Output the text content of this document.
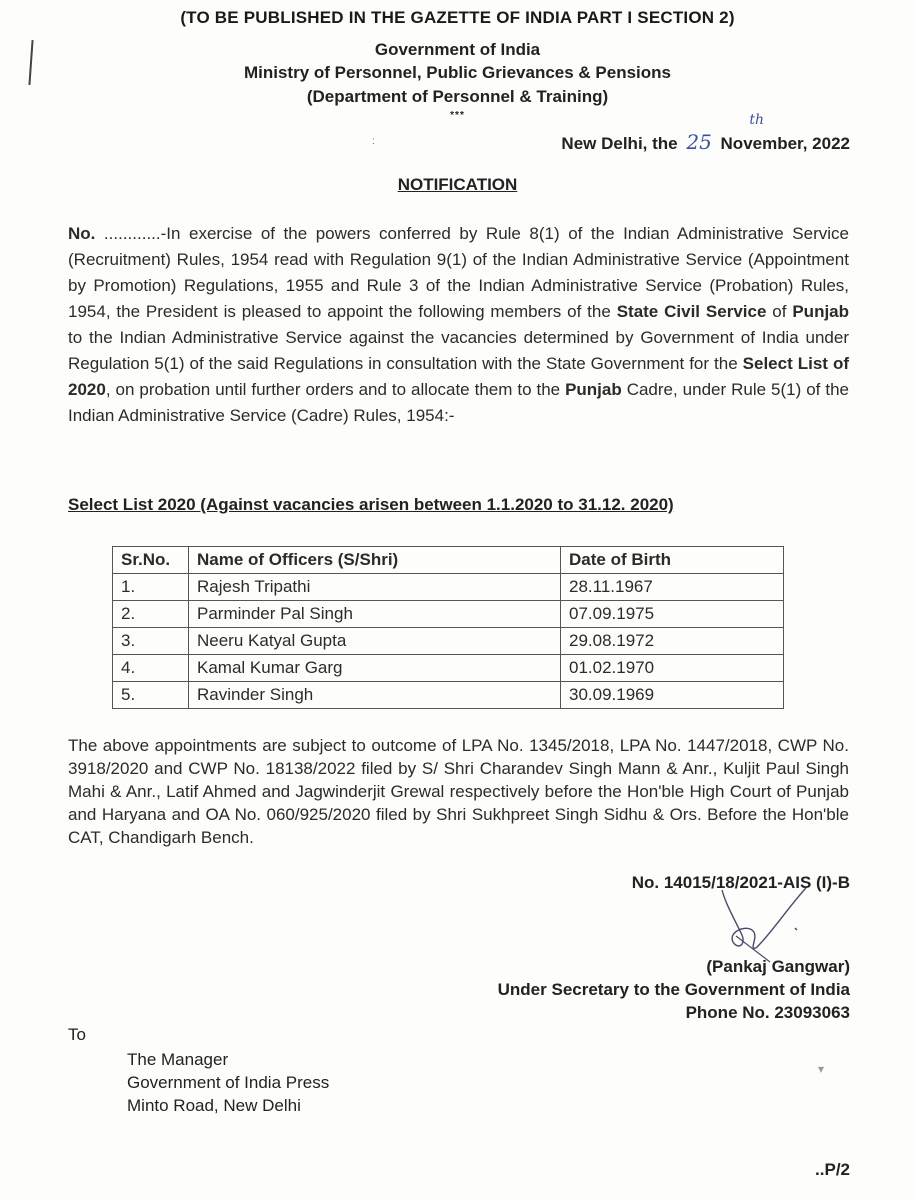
(TO BE PUBLISHED IN THE GAZETTE OF INDIA PART I SECTION 2)
Government of India
Ministry of Personnel, Public Grievances & Pensions
(Department of Personnel & Training)
***
:	New Delhi, the 25
th
November, 2022
NOTIFICATION
No. ............-In exercise of the powers conferred by Rule 8(1) of the Indian Administrative Service (Recruitment) Rules, 1954 read with Regulation 9(1) of the Indian Administrative Service (Appointment by Promotion) Regulations, 1955 and Rule 3 of the Indian Administrative Service (Probation) Rules, 1954, the President is pleased to appoint the following members of the State Civil Service of Punjab to the Indian Administrative Service against the vacancies determined by Government of India under Regulation 5(1) of the said Regulations in consultation with the State Government for the Select List of 2020, on probation until further orders and to allocate them to the Punjab Cadre, under Rule 5(1) of the Indian Administrative Service (Cadre) Rules, 1954:-
Select List 2020 (Against vacancies arisen between 1.1.2020 to 31.12. 2020)
Sr.No.	Name of Officers (S/Shri)	Date of Birth
1.	Rajesh Tripathi	28.11.1967
2.	Parminder Pal Singh	07.09.1975
3.	Neeru Katyal Gupta	29.08.1972
4.	Kamal Kumar Garg	01.02.1970
5.	Ravinder Singh	30.09.1969
The above appointments are subject to outcome of LPA No. 1345/2018, LPA No. 1447/2018, CWP No. 3918/2020 and CWP No. 18138/2022 filed by S/ Shri Charandev Singh Mann & Anr., Kuljit Paul Singh Mahi & Anr., Latif Ahmed and Jagwinderjit Grewal respectively before the Hon'ble High Court of Punjab and Haryana and OA No. 060/925/2020 filed by Shri Sukhpreet Singh Sidhu & Ors. Before the Hon'ble CAT, Chandigarh Bench.
No. 14015/18/2021-AIS (I)-B
(Pankaj Gangwar)
Under Secretary to the Government of India
Phone No. 23093063
To
The Manager
Government of India Press
Minto Road, New Delhi
▾
..P/2
